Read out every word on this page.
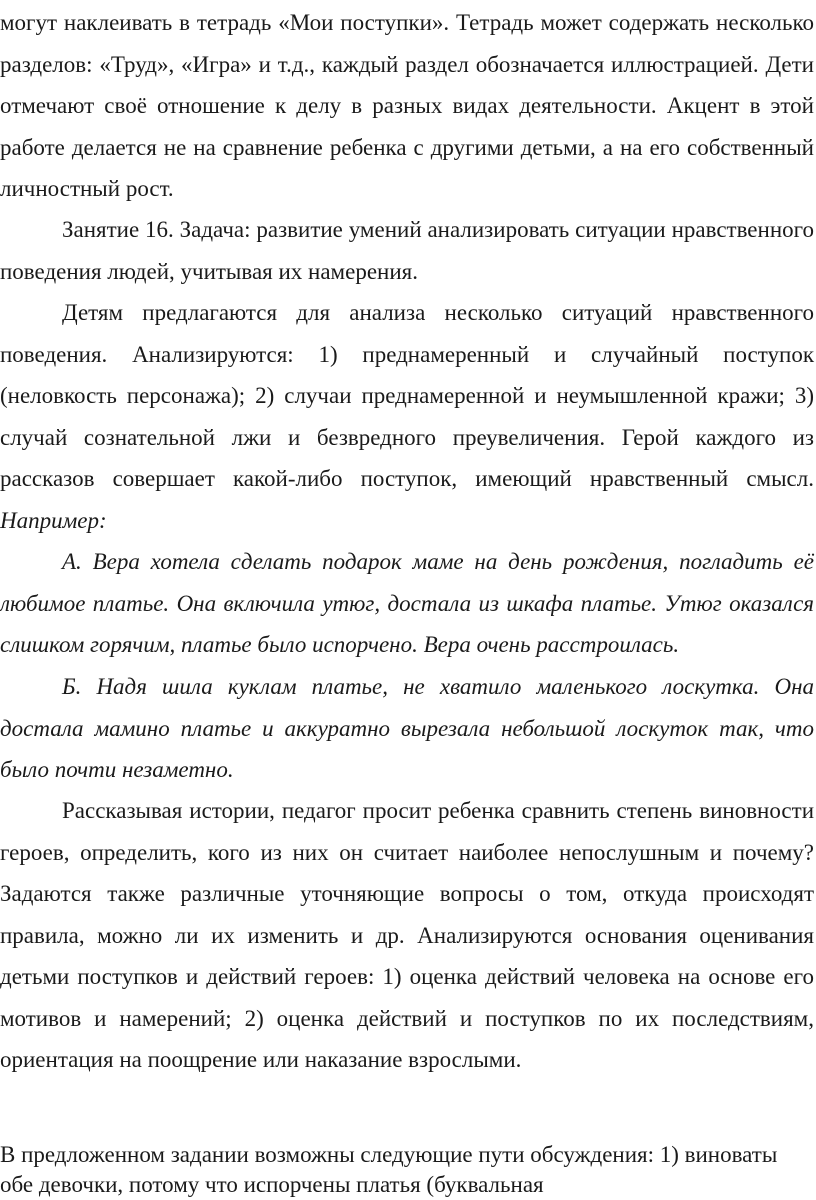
могут наклеивать в тетрадь «Мои поступки». Тетрадь может содержать несколько разделов: «Труд», «Игра» и т.д., каждый раздел обозначается иллюстрацией. Дети отмечают своё отношение к делу в разных видах деятельности. Акцент в этой работе делается не на сравнение ребенка с другими детьми, а на его собственный личностный рост.

Занятие 16. Задача: развитие умений анализировать ситуации нравственного поведения людей, учитывая их намерения.

Детям предлагаются для анализа несколько ситуаций нравственного поведения. Анализируются: 1) преднамеренный и случайный поступок (неловкость персонажа); 2) случаи преднамеренной и неумышленной кражи; 3) случай сознательной лжи и безвредного преувеличения. Герой каждого из рассказов совершает какой-либо поступок, имеющий нравственный смысл. Например:

А. Вера хотела сделать подарок маме на день рождения, погладить её любимое платье. Она включила утюг, достала из шкафа платье. Утюг оказался слишком горячим, платье было испорчено. Вера очень расстроилась.

Б. Надя шила куклам платье, не хватило маленького лоскутка. Она достала мамино платье и аккуратно вырезала небольшой лоскуток так, что было почти незаметно.

Рассказывая истории, педагог просит ребенка сравнить степень виновности героев, определить, кого из них он считает наиболее непослушным и почему? Задаются также различные уточняющие вопросы о том, откуда происходят правила, можно ли их изменить и др. Анализируются основания оценивания детьми поступков и действий героев: 1) оценка действий человека на основе его мотивов и намерений; 2) оценка действий и поступков по их последствиям, ориентация на поощрение или наказание взрослыми.

В предложенном задании возможны следующие пути обсуждения: 1) виноваты обе девочки, потому что испорчены платья (буквальная
